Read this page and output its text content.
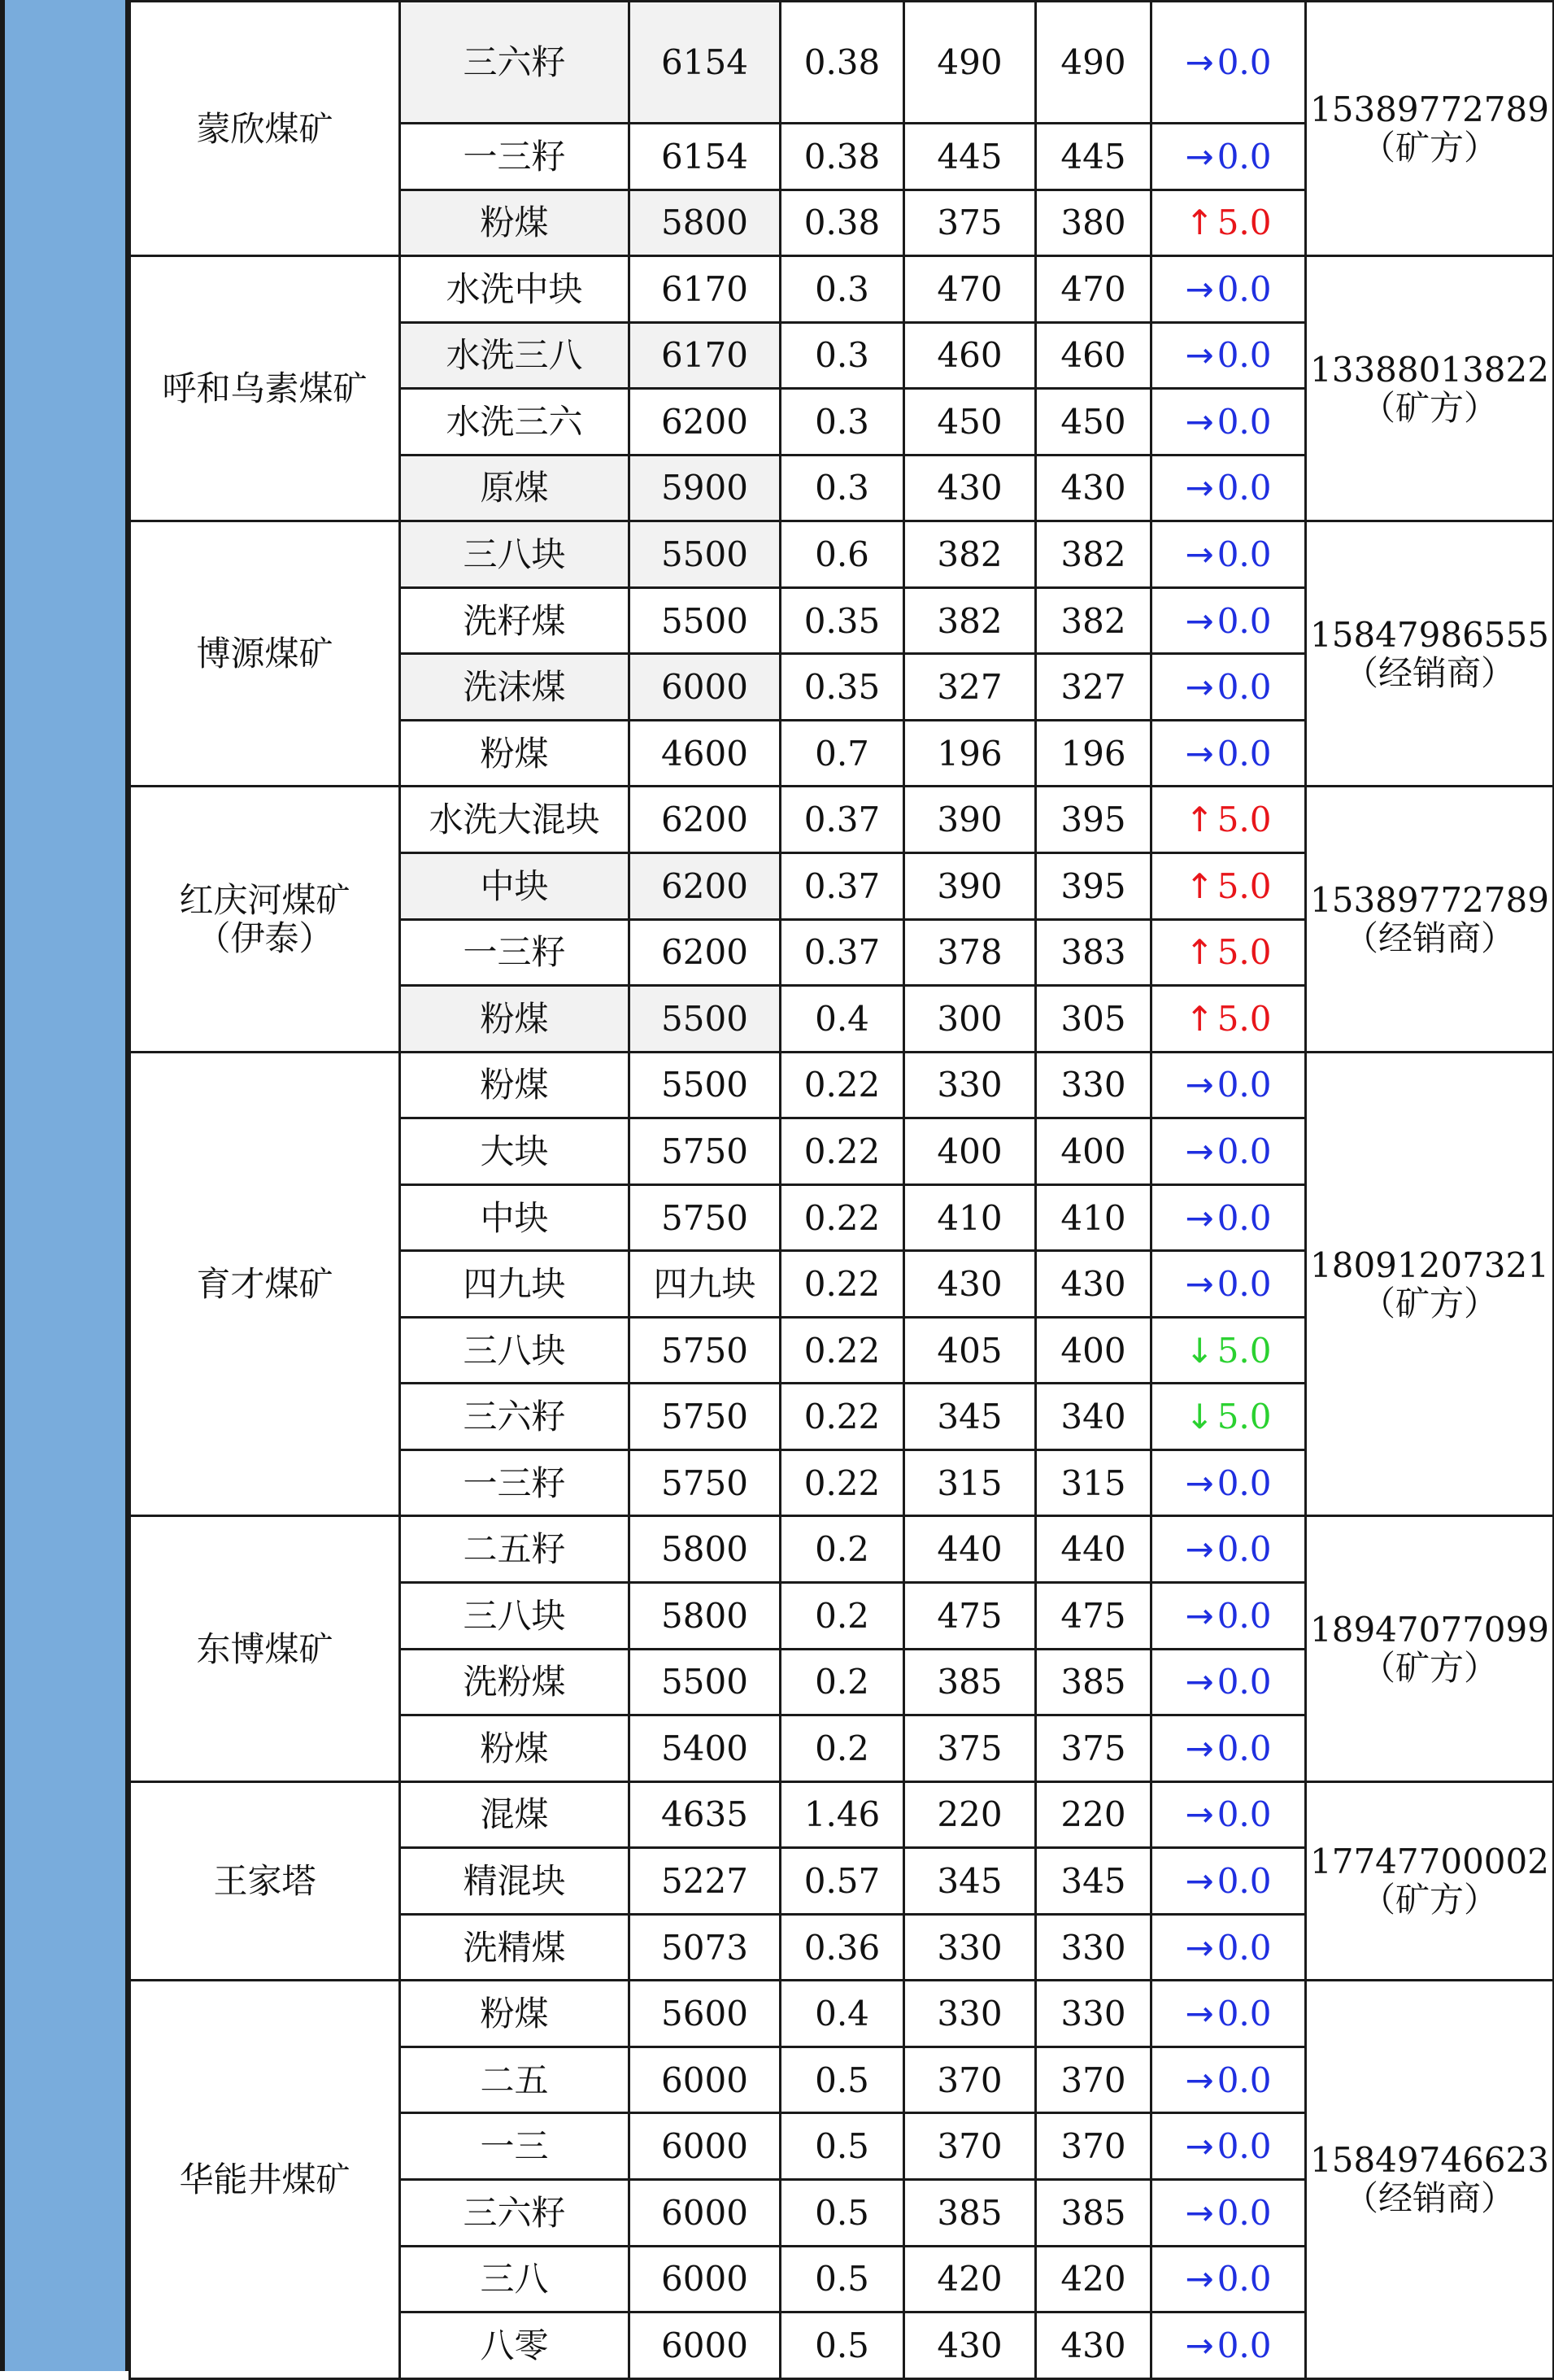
蒙欣煤矿	三六籽	6154	0.38	490	490	→ 0.0	15389772789
（矿方）

	一三籽	6154	0.38	445	445	→ 0.0	

	粉煤	5800	0.38	375	380	↑ 5.0	

呼和乌素煤矿	水洗中块	6170	0.3	470	470	→ 0.0	13388013822
（矿方）

	水洗三八	6170	0.3	460	460	→ 0.0	

	水洗三六	6200	0.3	450	450	→ 0.0	

	原煤	5900	0.3	430	430	→ 0.0	

博源煤矿	三八块	5500	0.6	382	382	→ 0.0	15847986555
（经销商）

	洗籽煤	5500	0.35	382	382	→ 0.0	

	洗沫煤	6000	0.35	327	327	→ 0.0	

	粉煤	4600	0.7	196	196	→ 0.0	

红庆河煤矿
（伊泰）	水洗大混块	6200	0.37	390	395	↑ 5.0	15389772789
（经销商）

	中块	6200	0.37	390	395	↑ 5.0	

	一三籽	6200	0.37	378	383	↑ 5.0	

	粉煤	5500	0.4	300	305	↑ 5.0	

育才煤矿	粉煤	5500	0.22	330	330	→ 0.0	18091207321
（矿方）

	大块	5750	0.22	400	400	→ 0.0	

	中块	5750	0.22	410	410	→ 0.0	

	四九块	四九块	0.22	430	430	→ 0.0	

	三八块	5750	0.22	405	400	↓ 5.0	

	三六籽	5750	0.22	345	340	↓ 5.0	

	一三籽	5750	0.22	315	315	→ 0.0	

东博煤矿	二五籽	5800	0.2	440	440	→ 0.0	18947077099
（矿方）

	三八块	5800	0.2	475	475	→ 0.0	

	洗粉煤	5500	0.2	385	385	→ 0.0	

	粉煤	5400	0.2	375	375	→ 0.0	

王家塔	混煤	4635	1.46	220	220	→ 0.0	17747700002
（矿方）

	精混块	5227	0.57	345	345	→ 0.0	

	洗精煤	5073	0.36	330	330	→ 0.0	

华能井煤矿	粉煤	5600	0.4	330	330	→ 0.0	15849746623
（经销商）

	二五	6000	0.5	370	370	→ 0.0	

	一三	6000	0.5	370	370	→ 0.0	

	三六籽	6000	0.5	385	385	→ 0.0	

	三八	6000	0.5	420	420	→ 0.0	

	八零	6000	0.5	430	430	→ 0.0	
